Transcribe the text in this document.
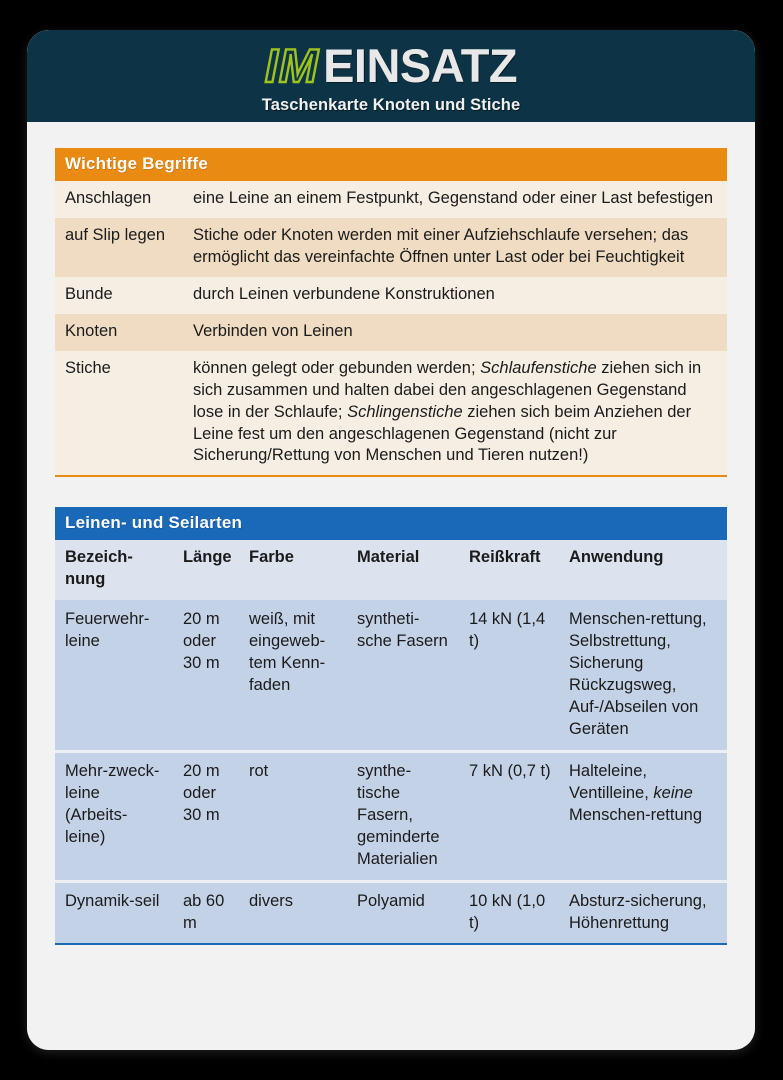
IMEINSATZ
Taschenkarte Knoten und Stiche
Wichtige Begriffe
Anschlagen	eine Leine an einem Festpunkt, Gegenstand oder einer Last befestigen
auf Slip legen	Stiche oder Knoten werden mit einer Aufziehschlaufe versehen; das ermöglicht das vereinfachte Öffnen unter Last oder bei Feuchtigkeit
Bunde	durch Leinen verbundene Konstruktionen
Knoten	Verbinden von Leinen
Stiche	können gelegt oder gebunden werden; Schlaufenstiche ziehen sich in sich zusammen und halten dabei den angeschlagenen Gegenstand lose in der Schlaufe; Schlingenstiche ziehen sich beim Anziehen der Leine fest um den angeschlagenen Gegenstand (nicht zur Sicherung/Rettung von Menschen und Tieren nutzen!)
Leinen- und Seilarten
Bezeich-nung	Länge	Farbe	Material	Reißkraft	Anwendung
Feuerwehr-leine	20 m oder 30 m	weiß, mit eingeweb-tem Kenn-faden	syntheti-sche Fasern	14 kN (1,4 t)	Menschen-rettung, Selbstrettung, Sicherung Rückzugsweg, Auf-/Abseilen von Geräten
Mehr-zweck-leine (Arbeits-leine)	20 m oder 30 m	rot	synthe-tische Fasern, geminderte Materialien	7 kN (0,7 t)	Halteleine, Ventilleine, keine Menschen-rettung
Dynamik-seil	ab 60 m	divers	Polyamid	10 kN (1,0 t)	Absturz-sicherung, Höhenrettung
